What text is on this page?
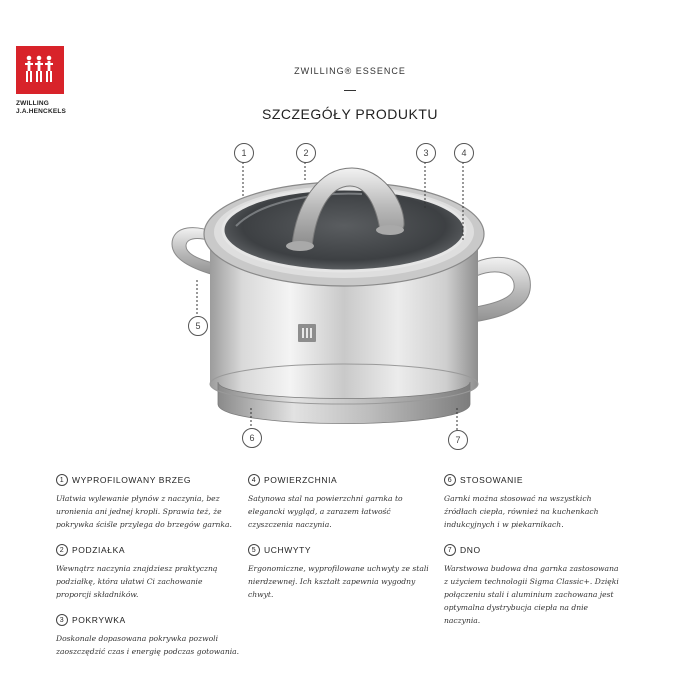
ZWILLING
J.A.HENCKELS
ZWILLING® ESSENCE
SZCZEGÓŁY PRODUKTU
1	2	3	4
5
6	7
1 WYPROFILOWANY BRZEG
Ułatwia wylewanie płynów z naczynia, bez
uronienia ani jednej kropli. Sprawia też, że
pokrywka ściśle przylega do brzegów garnka.
2 PODZIAŁKA
Wewnątrz naczynia znajdziesz praktyczną
podziałkę, która ułatwi Ci zachowanie
proporcji składników.
3 POKRYWKA
Doskonale dopasowana pokrywka pozwoli
zaoszczędzić czas i energię podczas gotowania.
4 POWIERZCHNIA
Satynowa stal na powierzchni garnka to
elegancki wygląd, a zarazem łatwość
czyszczenia naczynia.
5 UCHWYTY
Ergonomiczne, wyprofilowane uchwyty ze stali
nierdzewnej. Ich kształt zapewnia wygodny
chwyt.
6 STOSOWANIE
Garnki można stosować na wszystkich
źródłach ciepła, również na kuchenkach
indukcyjnych i w piekarnikach.
7 DNO
Warstwowa budowa dna garnka zastosowana
z użyciem technologii Sigma Classic+. Dzięki
połączeniu stali i aluminium zachowana jest
optymalna dystrybucja ciepła na dnie
naczynia.
